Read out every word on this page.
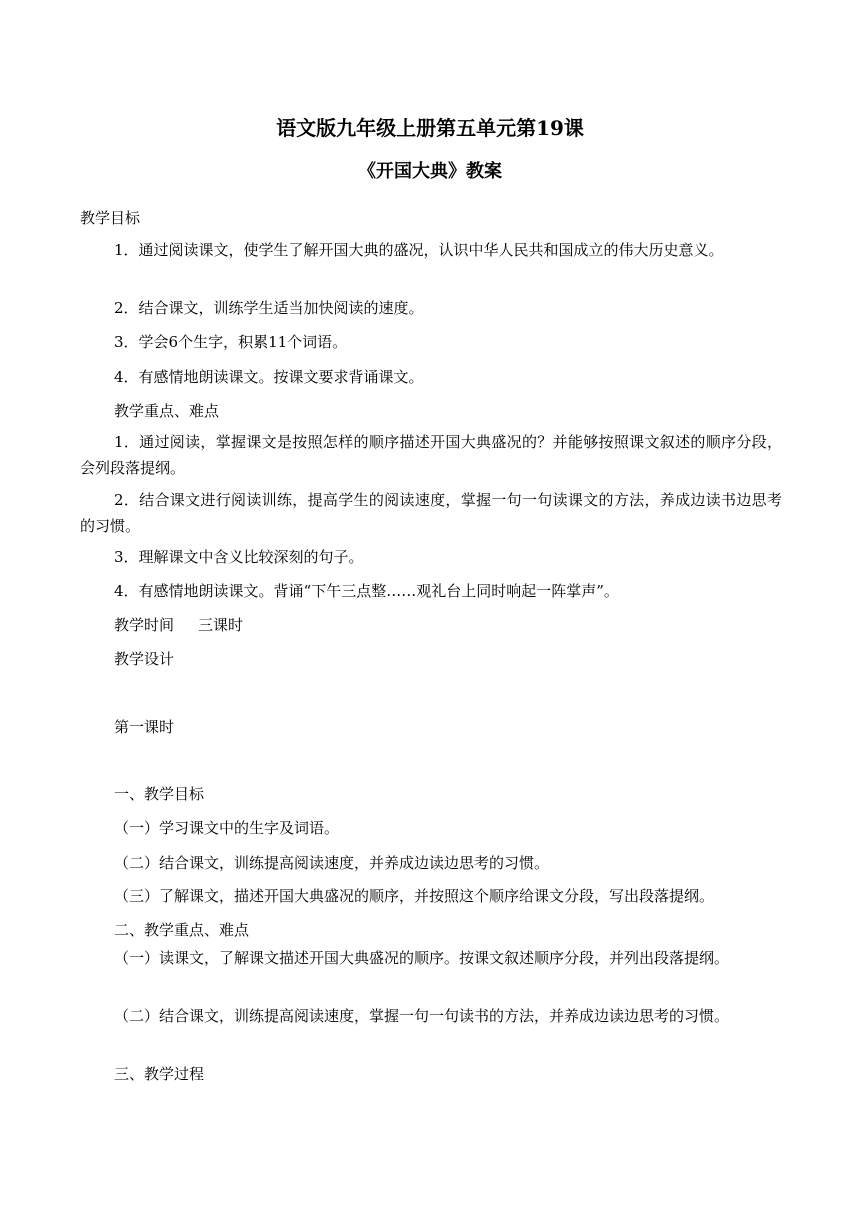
语文版九年级上册第五单元第19课
《开国大典》教案
教学目标
1．通过阅读课文，使学生了解开国大典的盛况，认识中华人民共和国成立的伟大历史意义。
2．结合课文，训练学生适当加快阅读的速度。
3．学会6个生字，积累11个词语。
4．有感情地朗读课文。按课文要求背诵课文。
教学重点、难点
1．通过阅读，掌握课文是按照怎样的顺序描述开国大典盛况的？并能够按照课文叙述的顺序分段，会列段落提纲。
2．结合课文进行阅读训练，提高学生的阅读速度，掌握一句一句读课文的方法，养成边读书边思考的习惯。
3．理解课文中含义比较深刻的句子。
4．有感情地朗读课文。背诵“下午三点整……观礼台上同时响起一阵掌声”。
教学时间 三课时
教学设计
第一课时
一、教学目标
（一）学习课文中的生字及词语。
（二）结合课文，训练提高阅读速度，并养成边读边思考的习惯。
（三）了解课文，描述开国大典盛况的顺序，并按照这个顺序给课文分段，写出段落提纲。
二、教学重点、难点
（一）读课文，了解课文描述开国大典盛况的顺序。按课文叙述顺序分段，并列出段落提纲。
（二）结合课文，训练提高阅读速度，掌握一句一句读书的方法，并养成边读边思考的习惯。
三、教学过程
